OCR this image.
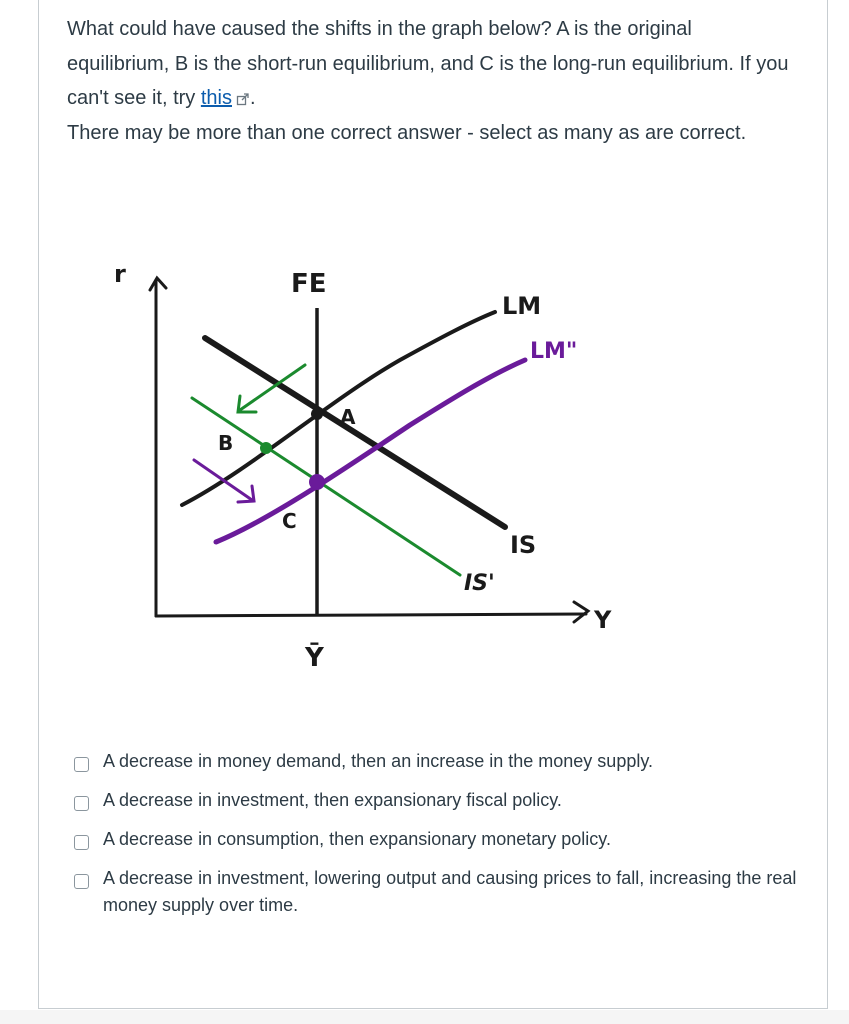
What could have caused the shifts in the graph below? A is the original equilibrium, B is the short-run equilibrium, and C is the long-run equilibrium. If you can't see it, try this .

There may be more than one correct answer - select as many as are correct.

r
Y
FE
Ȳ
IS
LM
IS'
LM"
A
B
C
A decrease in money demand, then an increase in the money supply.
A decrease in investment, then expansionary fiscal policy.
A decrease in consumption, then expansionary monetary policy.
A decrease in investment, lowering output and causing prices to fall, increasing the real money supply over time.
